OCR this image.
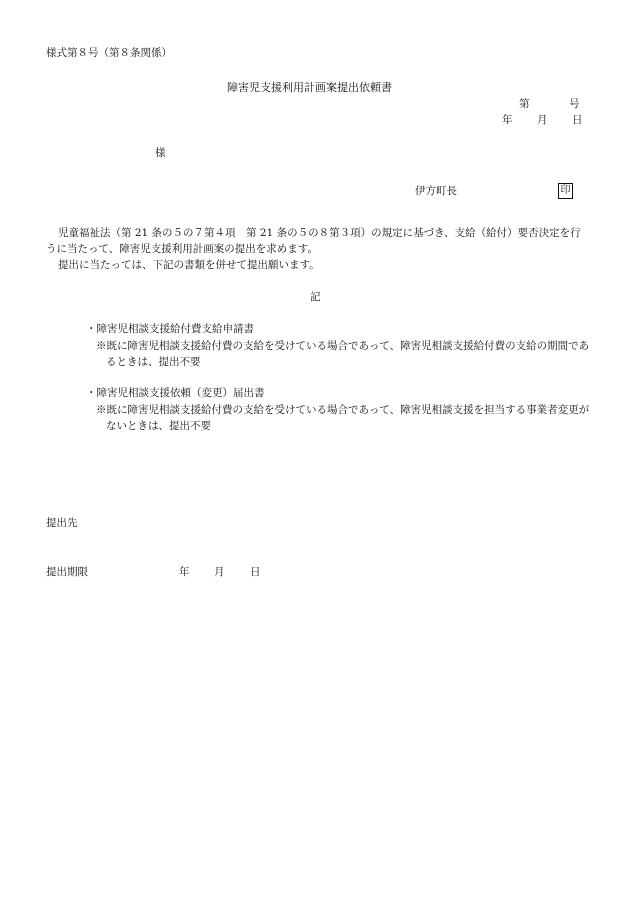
様式第８号（第８条関係）
障害児支援利用計画案提出依頼書
第	号
年 月 日
様
伊方町長	印
児童福祉法（第 21 条の５の７第４項　第 21 条の５の８第３項）の規定に基づき、支給（給付）要否決定を行うに当たって、障害児支援利用計画案の提出を求めます。
提出に当たっては、下記の書類を併せて提出願います。
記
・障害児相談支援給付費支給申請書
※既に障害児相談支援給付費の支給を受けている場合であって、障害児相談支援給付費の支給の期間であるときは、提出不要
・障害児相談支援依頼（変更）届出書
※既に障害児相談支援給付費の支給を受けている場合であって、障害児相談支援を担当する事業者変更がないときは、提出不要
提出先
提出期限	年 月 日
